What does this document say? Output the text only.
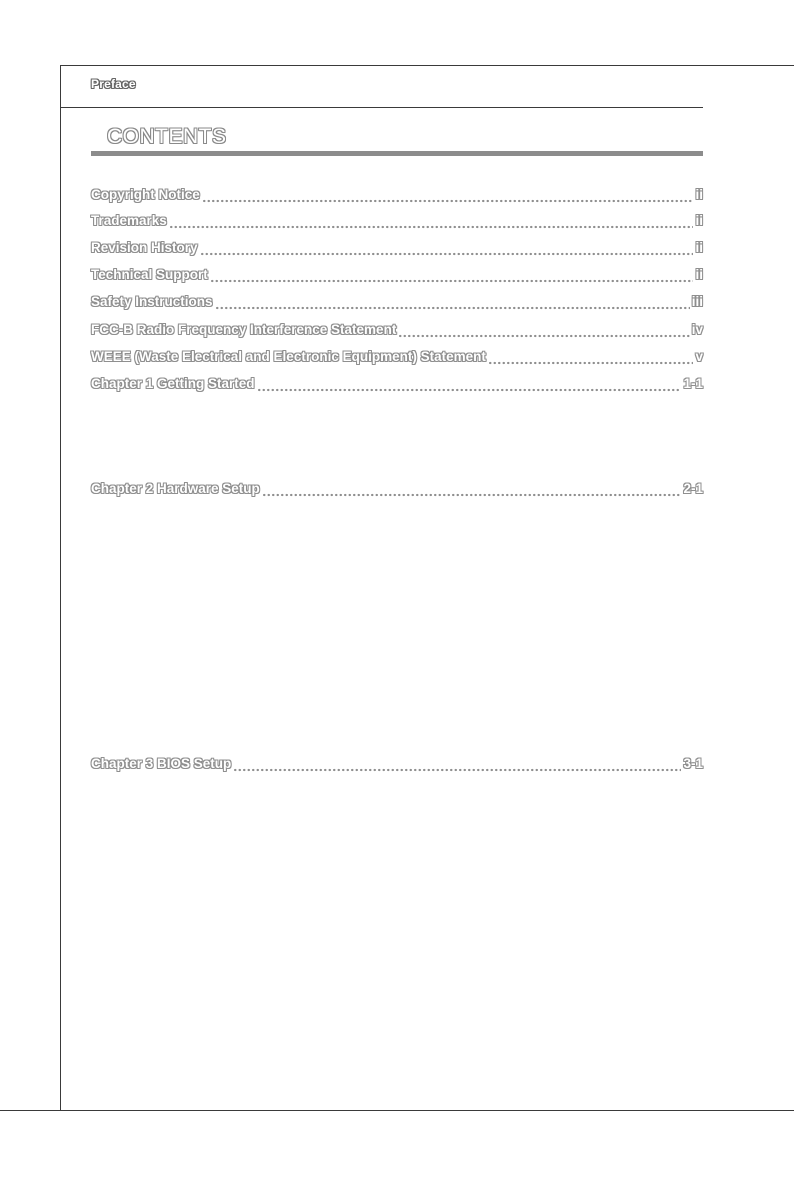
Preface
CONTENTS
Copyright Notice	ii
Trademarks	ii
Revision History	ii
Technical Support	ii
Safety Instructions	iii
FCC-B Radio Frequency Interference Statement	iv
WEEE (Waste Electrical and Electronic Equipment) Statement	v
Chapter 1 Getting Started	1-1
Chapter 2 Hardware Setup	2-1
Chapter 3 BIOS Setup	3-1
